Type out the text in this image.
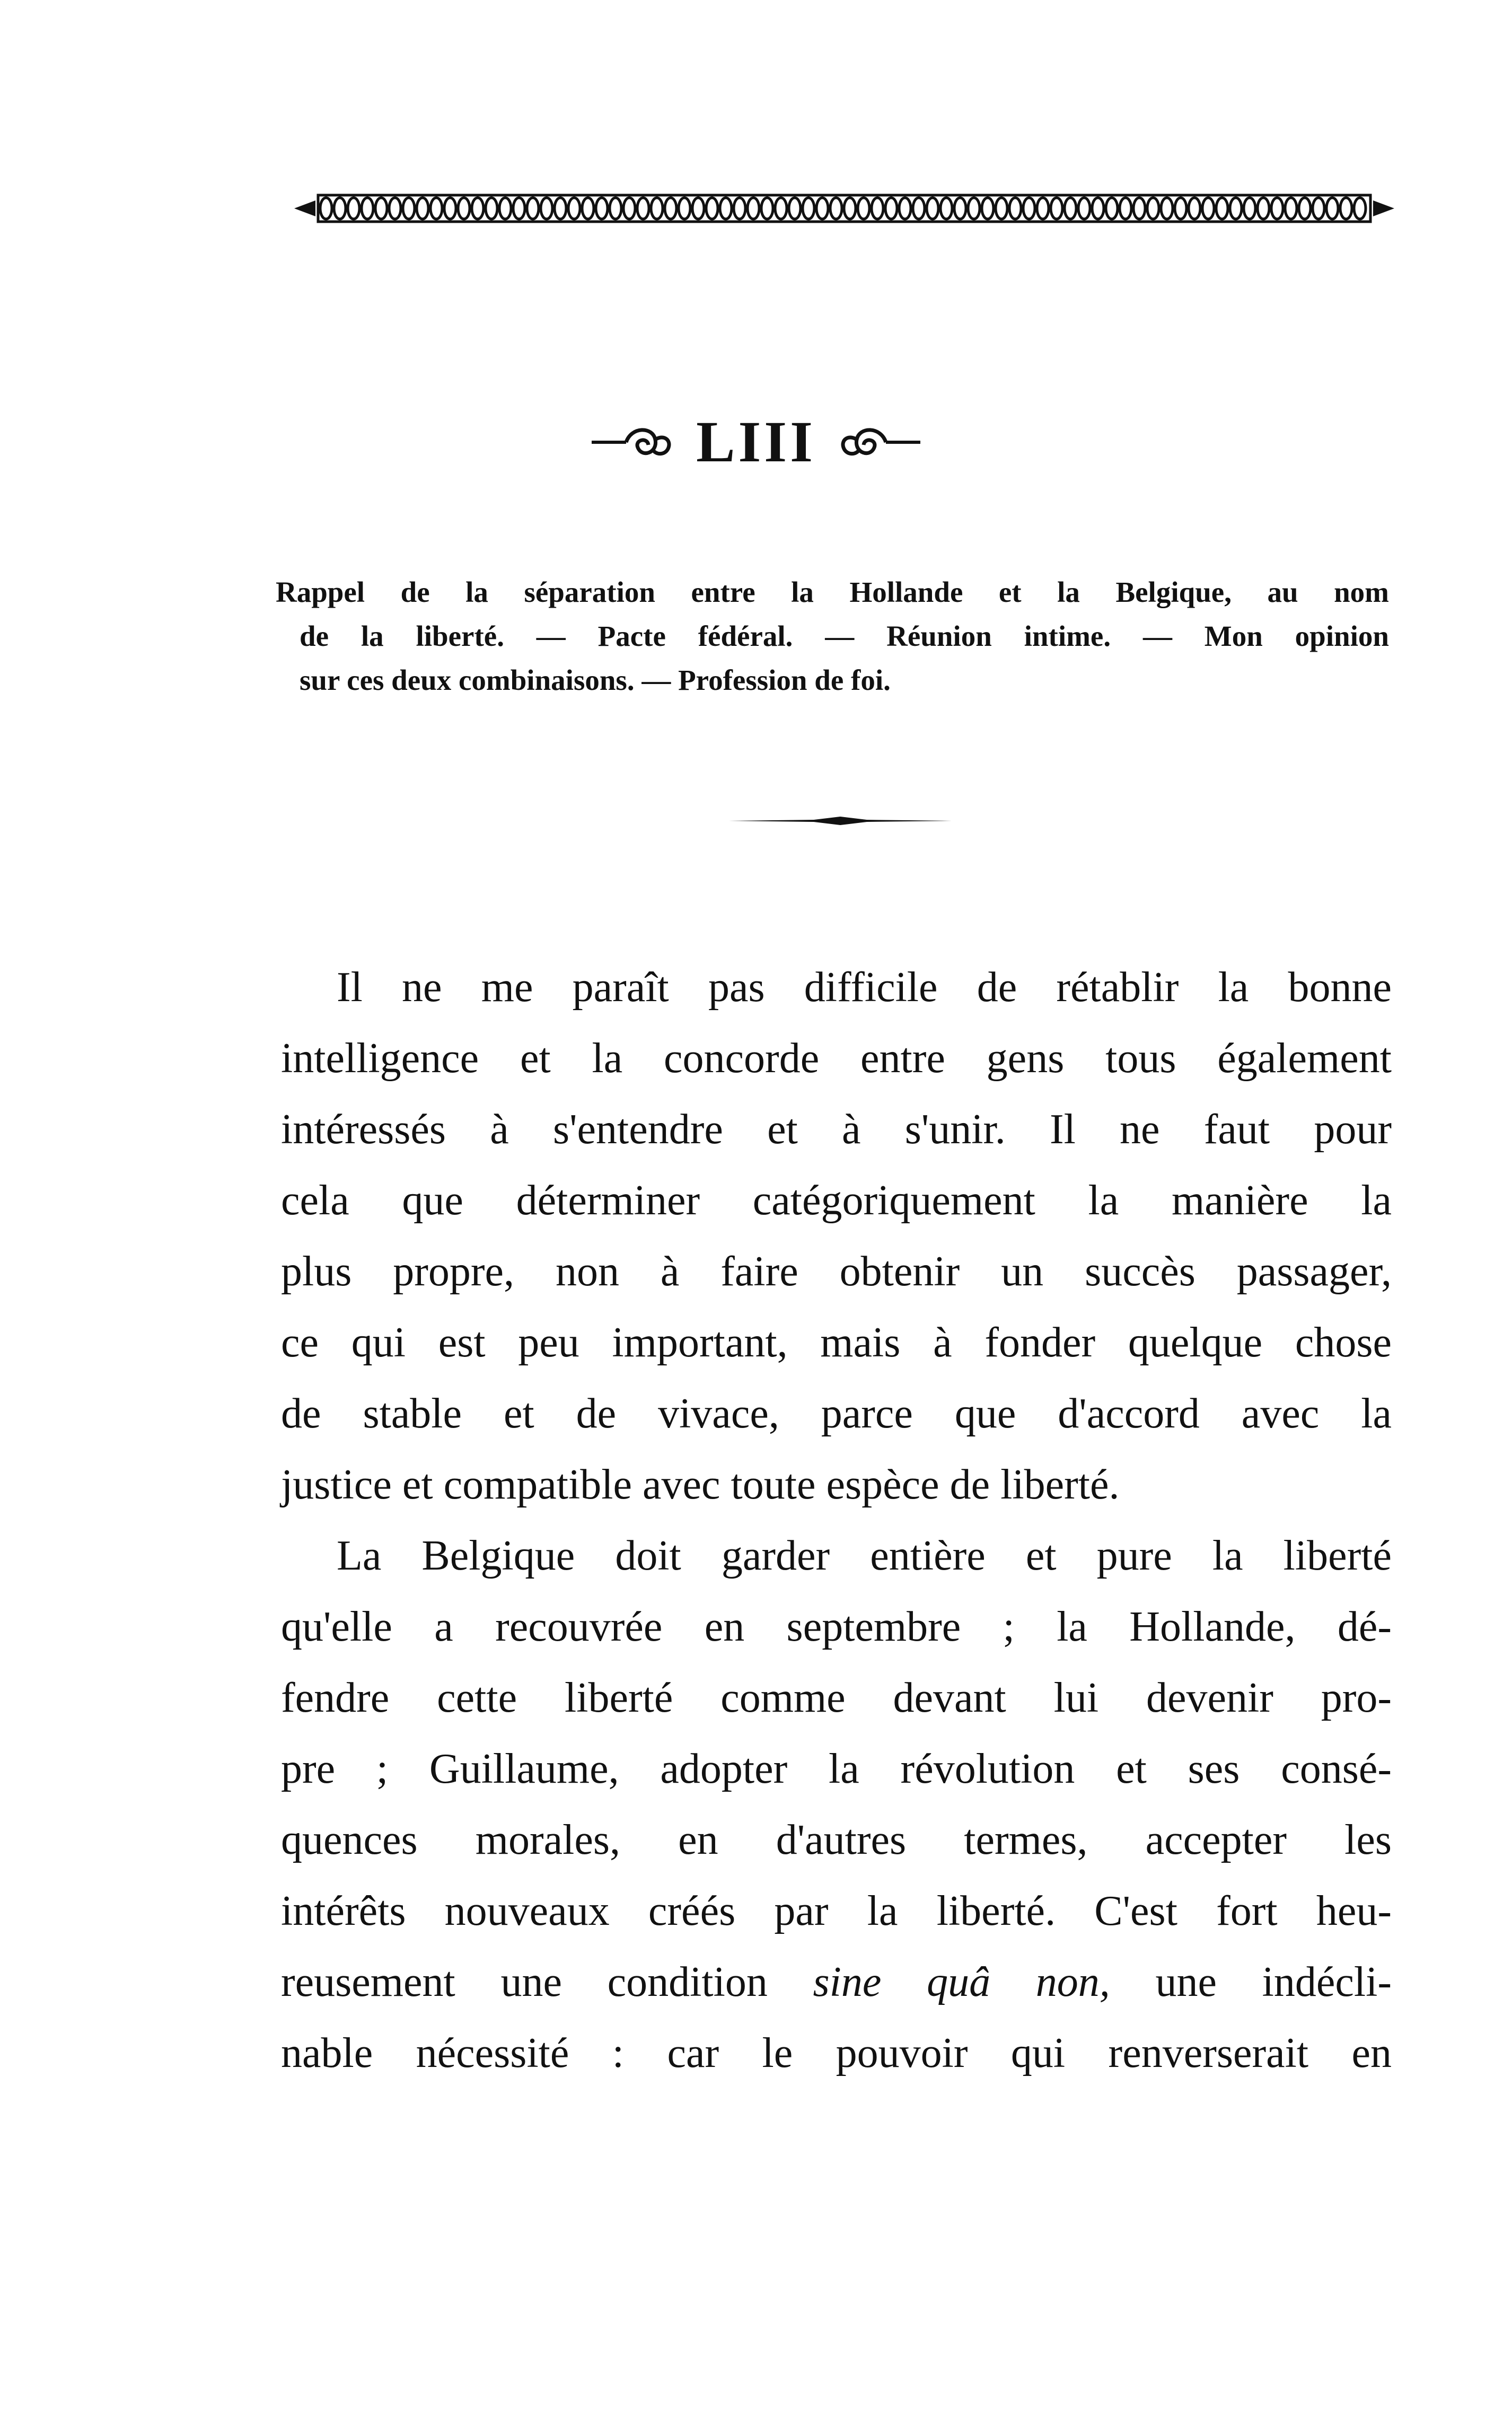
LIII
Rappel de la séparation entre la Hollande et la Belgique, au nom
de la liberté. — Pacte fédéral. — Réunion intime. — Mon opinion
sur ces deux combinaisons. — Profession de foi.
Il ne me paraît pas difficile de rétablir la bonne
intelligence et la concorde entre gens tous également
intéressés à s'entendre et à s'unir. Il ne faut pour
cela que déterminer catégoriquement la manière la
plus propre, non à faire obtenir un succès passager,
ce qui est peu important, mais à fonder quelque chose
de stable et de vivace, parce que d'accord avec la
justice et compatible avec toute espèce de liberté.
La Belgique doit garder entière et pure la liberté
qu'elle a recouvrée en septembre ; la Hollande, dé-
fendre cette liberté comme devant lui devenir pro-
pre ; Guillaume, adopter la révolution et ses consé-
quences morales, en d'autres termes, accepter les
intérêts nouveaux créés par la liberté. C'est fort heu-
reusement une condition sine quâ non, une indécli-
nable nécessité : car le pouvoir qui renverserait en
